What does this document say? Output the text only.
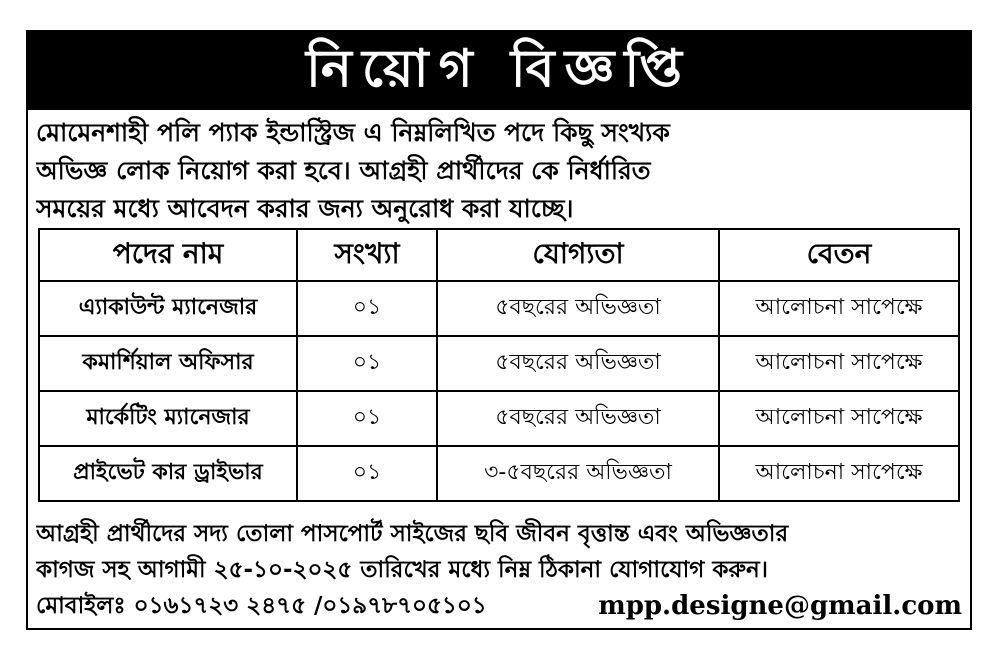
নিয়োগ বিজ্ঞপ্তি
মোমেনশাহী পলি প্যাক ইন্ডাস্ট্রিজ এ নিম্নলিখিত পদে কিছু সংখ্যক
অভিজ্ঞ লোক নিয়োগ করা হবে। আগ্রহী প্রার্থীদের কে নির্ধারিত
সময়ের মধ্যে আবেদন করার জন্য অনুরোধ করা যাচ্ছে।
পদের নাম	সংখ্যা	যোগ্যতা	বেতন
এ্যাকাউন্ট ম্যানেজার	০১	৫বছরের অভিজ্ঞতা	আলোচনা সাপেক্ষে
কমার্শিয়াল অফিসার	০১	৫বছরের অভিজ্ঞতা	আলোচনা সাপেক্ষে
মার্কেটিং ম্যানেজার	০১	৫বছরের অভিজ্ঞতা	আলোচনা সাপেক্ষে
প্রাইভেট কার ড্রাইভার	০১	৩-৫বছরের অভিজ্ঞতা	আলোচনা সাপেক্ষে
আগ্রহী প্রার্থীদের সদ্য তোলা পাসপোর্ট সাইজের ছবি জীবন বৃত্তান্ত এবং অভিজ্ঞতার
কাগজ সহ আগামী ২৫-১০-২০২৫ তারিখের মধ্যে নিম্ন ঠিকানা যোগাযোগ করুন।
মোবাইলঃ ০১৬১৭২৩ ২৪৭৫ /০১৯৭৮৭০৫১০১	mpp.designe@gmail.com
